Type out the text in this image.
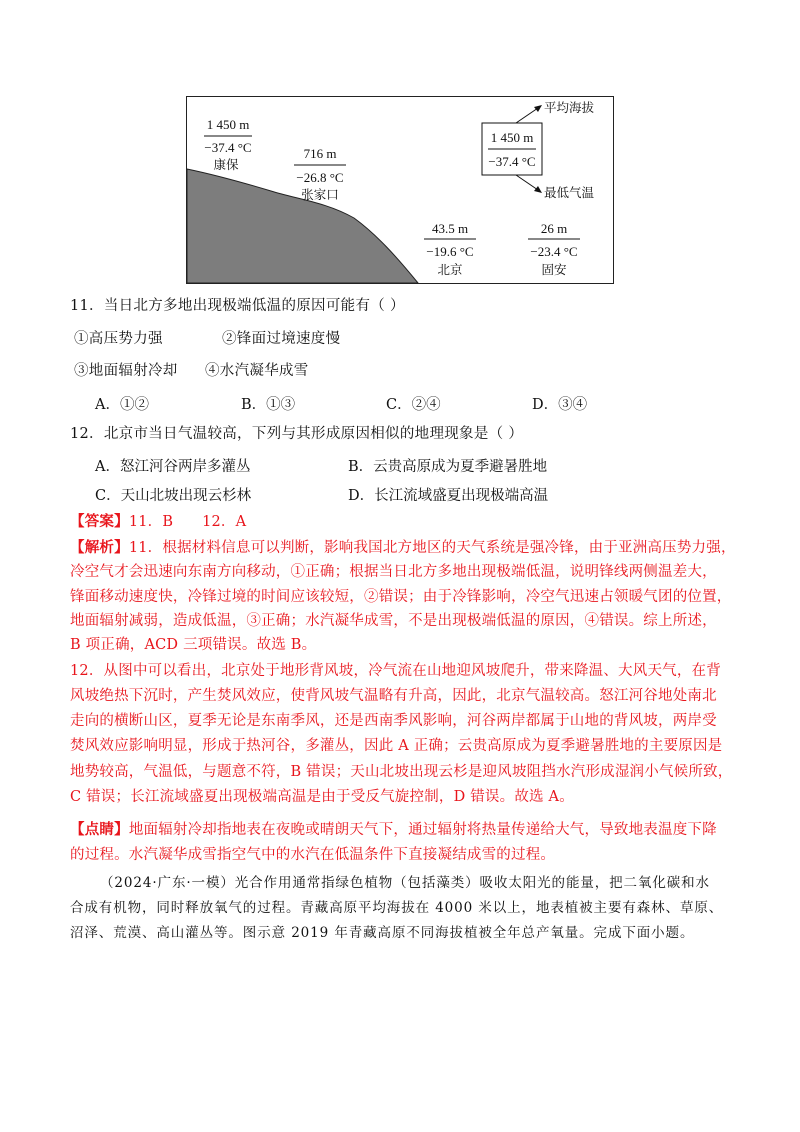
1 450 m
−37.4 °C
康保
716 m
−26.8 °C
张家口
43.5 m
−19.6 °C
北京
26 m
−23.4 °C
固安
1 450 m
−37.4 °C
平均海拔
最低气温
11．当日北方多地出现极端低温的原因可能有（ ）
①高压势力强	②锋面过境速度慢
③地面辐射冷却 ④水汽凝华成雪
A．①②	B．①③	C．②④	D．③④
12．北京市当日气温较高，下列与其形成原因相似的地理现象是（ ）
A．怒江河谷两岸多灌丛	B．云贵高原成为夏季避暑胜地
C．天山北坡出现云杉林	D．长江流域盛夏出现极端高温
【答案】11．B      12．A
【解析】11．根据材料信息可以判断，影响我国北方地区的天气系统是强冷锋，由于亚洲高压势力强，
冷空气才会迅速向东南方向移动，①正确；根据当日北方多地出现极端低温，说明锋线两侧温差大，
锋面移动速度快，冷锋过境的时间应该较短，②错误；由于冷锋影响，冷空气迅速占领暖气团的位置，
地面辐射减弱，造成低温，③正确；水汽凝华成雪，不是出现极端低温的原因，④错误。综上所述，
B 项正确，ACD 三项错误。故选 B。
12．从图中可以看出，北京处于地形背风坡，冷气流在山地迎风坡爬升，带来降温、大风天气，在背
风坡绝热下沉时，产生焚风效应，使背风坡气温略有升高，因此，北京气温较高。怒江河谷地处南北
走向的横断山区，夏季无论是东南季风，还是西南季风影响，河谷两岸都属于山地的背风坡，两岸受
焚风效应影响明显，形成于热河谷，多灌丛，因此 A 正确；云贵高原成为夏季避暑胜地的主要原因是
地势较高，气温低，与题意不符，B 错误；天山北坡出现云杉是迎风坡阻挡水汽形成湿润小气候所致，
C 错误；长江流域盛夏出现极端高温是由于受反气旋控制，D 错误。故选 A。
【点睛】地面辐射冷却指地表在夜晚或晴朗天气下，通过辐射将热量传递给大气，导致地表温度下降
的过程。水汽凝华成雪指空气中的水汽在低温条件下直接凝结成雪的过程。
（2024·广东·一模）光合作用通常指绿色植物（包括藻类）吸收太阳光的能量，把二氧化碳和水
合成有机物，同时释放氧气的过程。青藏高原平均海拔在 4000 米以上，地表植被主要有森林、草原、
沼泽、荒漠、高山灌丛等。图示意 2019 年青藏高原不同海拔植被全年总产氧量。完成下面小题。
